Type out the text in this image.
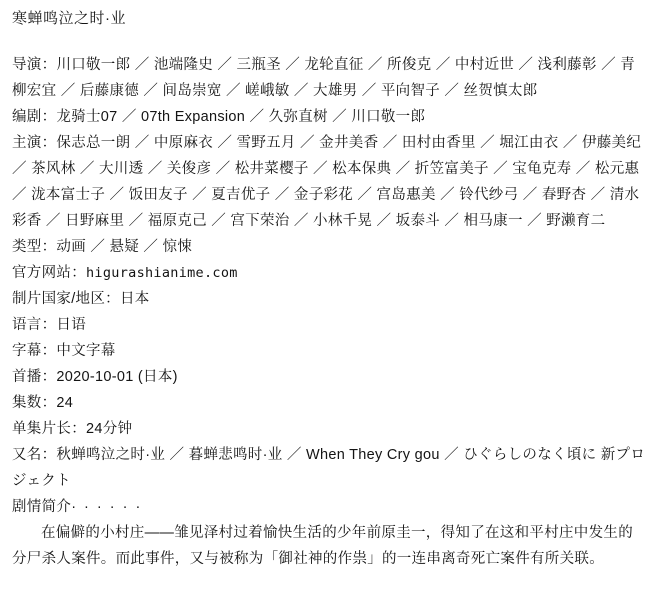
寒蝉鸣泣之时·业
导演：川口敬一郎 ／ 池端隆史 ／ 三瓶圣 ／ 龙轮直征 ／ 所俊克 ／ 中村近世 ／ 浅利藤彰 ／ 青柳宏宜 ／ 后藤康德 ／ 间岛崇宽 ／ 嵯峨敏 ／ 大雄男 ／ 平向智子 ／ 丝贺慎太郎
编剧：龙骑士07 ／ 07th Expansion ／ 久弥直树 ／ 川口敬一郎
主演：保志总一朗 ／ 中原麻衣 ／ 雪野五月 ／ 金井美香 ／ 田村由香里 ／ 堀江由衣 ／ 伊藤美纪 ／ 茶风林 ／ 大川透 ／ 关俊彦 ／ 松井菜樱子 ／ 松本保典 ／ 折笠富美子 ／ 宝龟克寿 ／ 松元惠 ／ 泷本富士子 ／ 饭田友子 ／ 夏吉优子 ／ 金子彩花 ／ 宫岛惠美 ／ 铃代纱弓 ／ 春野杏 ／ 清水彩香 ／ 日野麻里 ／ 福原克己 ／ 宫下荣治 ／ 小林千晃 ／ 坂泰斗 ／ 相马康一 ／ 野濑育二
类型：动画 ／ 悬疑 ／ 惊悚
官方网站：higurashianime.com
制片国家/地区：日本
语言：日语
字幕：中文字幕
首播：2020-10-01 (日本)
集数：24
单集片长：24分钟
又名：秋蝉鸣泣之时·业 ／ 暮蝉悲鸣时·业 ／ When They Cry gou ／ ひぐらしのなく頃に 新プロジェクト
剧情简介· · · · · ·
在偏僻的小村庄——雏见泽村过着愉快生活的少年前原圭一，得知了在这和平村庄中发生的分尸杀人案件。而此事件，又与被称为「御社神的作祟」的一连串离奇死亡案件有所关联。
